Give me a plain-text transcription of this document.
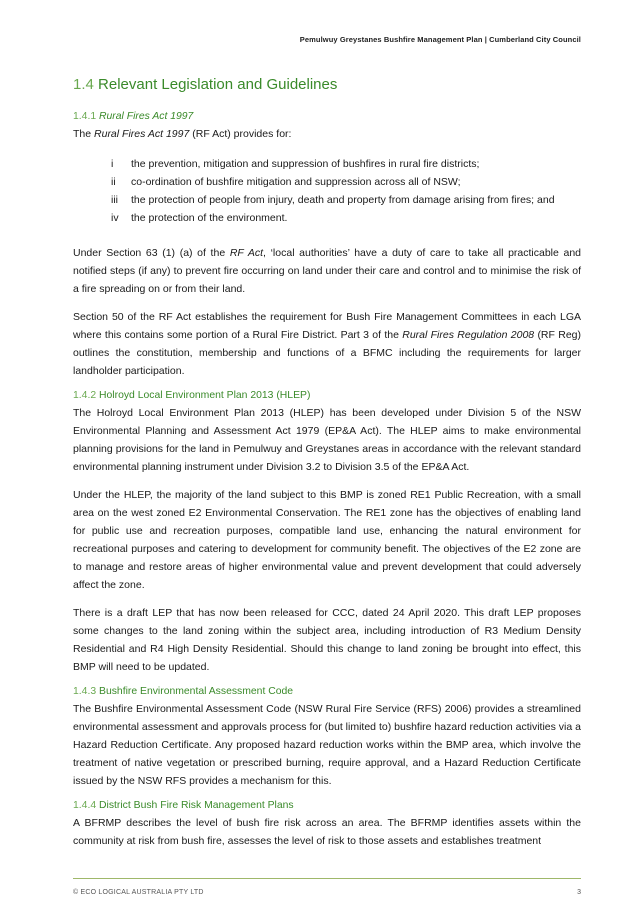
Pemulwuy Greystanes Bushfire Management Plan | Cumberland City Council
1.4 Relevant Legislation and Guidelines
1.4.1 Rural Fires Act 1997

The Rural Fires Act 1997 (RF Act) provides for:

i	the prevention, mitigation and suppression of bushfires in rural fire districts;
ii	co-ordination of bushfire mitigation and suppression across all of NSW;
iii	the protection of people from injury, death and property from damage arising from fires; and
iv	the protection of the environment.

Under Section 63 (1) (a) of the RF Act, ‘local authorities’ have a duty of care to take all practicable and notified steps (if any) to prevent fire occurring on land under their care and control and to minimise the risk of a fire spreading on or from their land.

Section 50 of the RF Act establishes the requirement for Bush Fire Management Committees in each LGA where this contains some portion of a Rural Fire District. Part 3 of the Rural Fires Regulation 2008 (RF Reg) outlines the constitution, membership and functions of a BFMC including the requirements for larger landholder participation.

1.4.2 Holroyd Local Environment Plan 2013 (HLEP)

The Holroyd Local Environment Plan 2013 (HLEP) has been developed under Division 5 of the NSW Environmental Planning and Assessment Act 1979 (EP&A Act). The HLEP aims to make environmental planning provisions for the land in Pemulwuy and Greystanes areas in accordance with the relevant standard environmental planning instrument under Division 3.2 to Division 3.5 of the EP&A Act.

Under the HLEP, the majority of the land subject to this BMP is zoned RE1 Public Recreation, with a small area on the west zoned E2 Environmental Conservation. The RE1 zone has the objectives of enabling land for public use and recreation purposes, compatible land use, enhancing the natural environment for recreational purposes and catering to development for community benefit. The objectives of the E2 zone are to manage and restore areas of higher environmental value and prevent development that could adversely affect the zone.

There is a draft LEP that has now been released for CCC, dated 24 April 2020. This draft LEP proposes some changes to the land zoning within the subject area, including introduction of R3 Medium Density Residential and R4 High Density Residential. Should this change to land zoning be brought into effect, this BMP will need to be updated.

1.4.3 Bushfire Environmental Assessment Code

The Bushfire Environmental Assessment Code (NSW Rural Fire Service (RFS) 2006) provides a streamlined environmental assessment and approvals process for (but limited to) bushfire hazard reduction activities via a Hazard Reduction Certificate. Any proposed hazard reduction works within the BMP area, which involve the treatment of native vegetation or prescribed burning, require approval, and a Hazard Reduction Certificate issued by the NSW RFS provides a mechanism for this.

1.4.4 District Bush Fire Risk Management Plans

A BFRMP describes the level of bush fire risk across an area. The BFRMP identifies assets within the community at risk from bush fire, assesses the level of risk to those assets and establishes treatment

© ECO LOGICAL AUSTRALIA PTY LTD	3
